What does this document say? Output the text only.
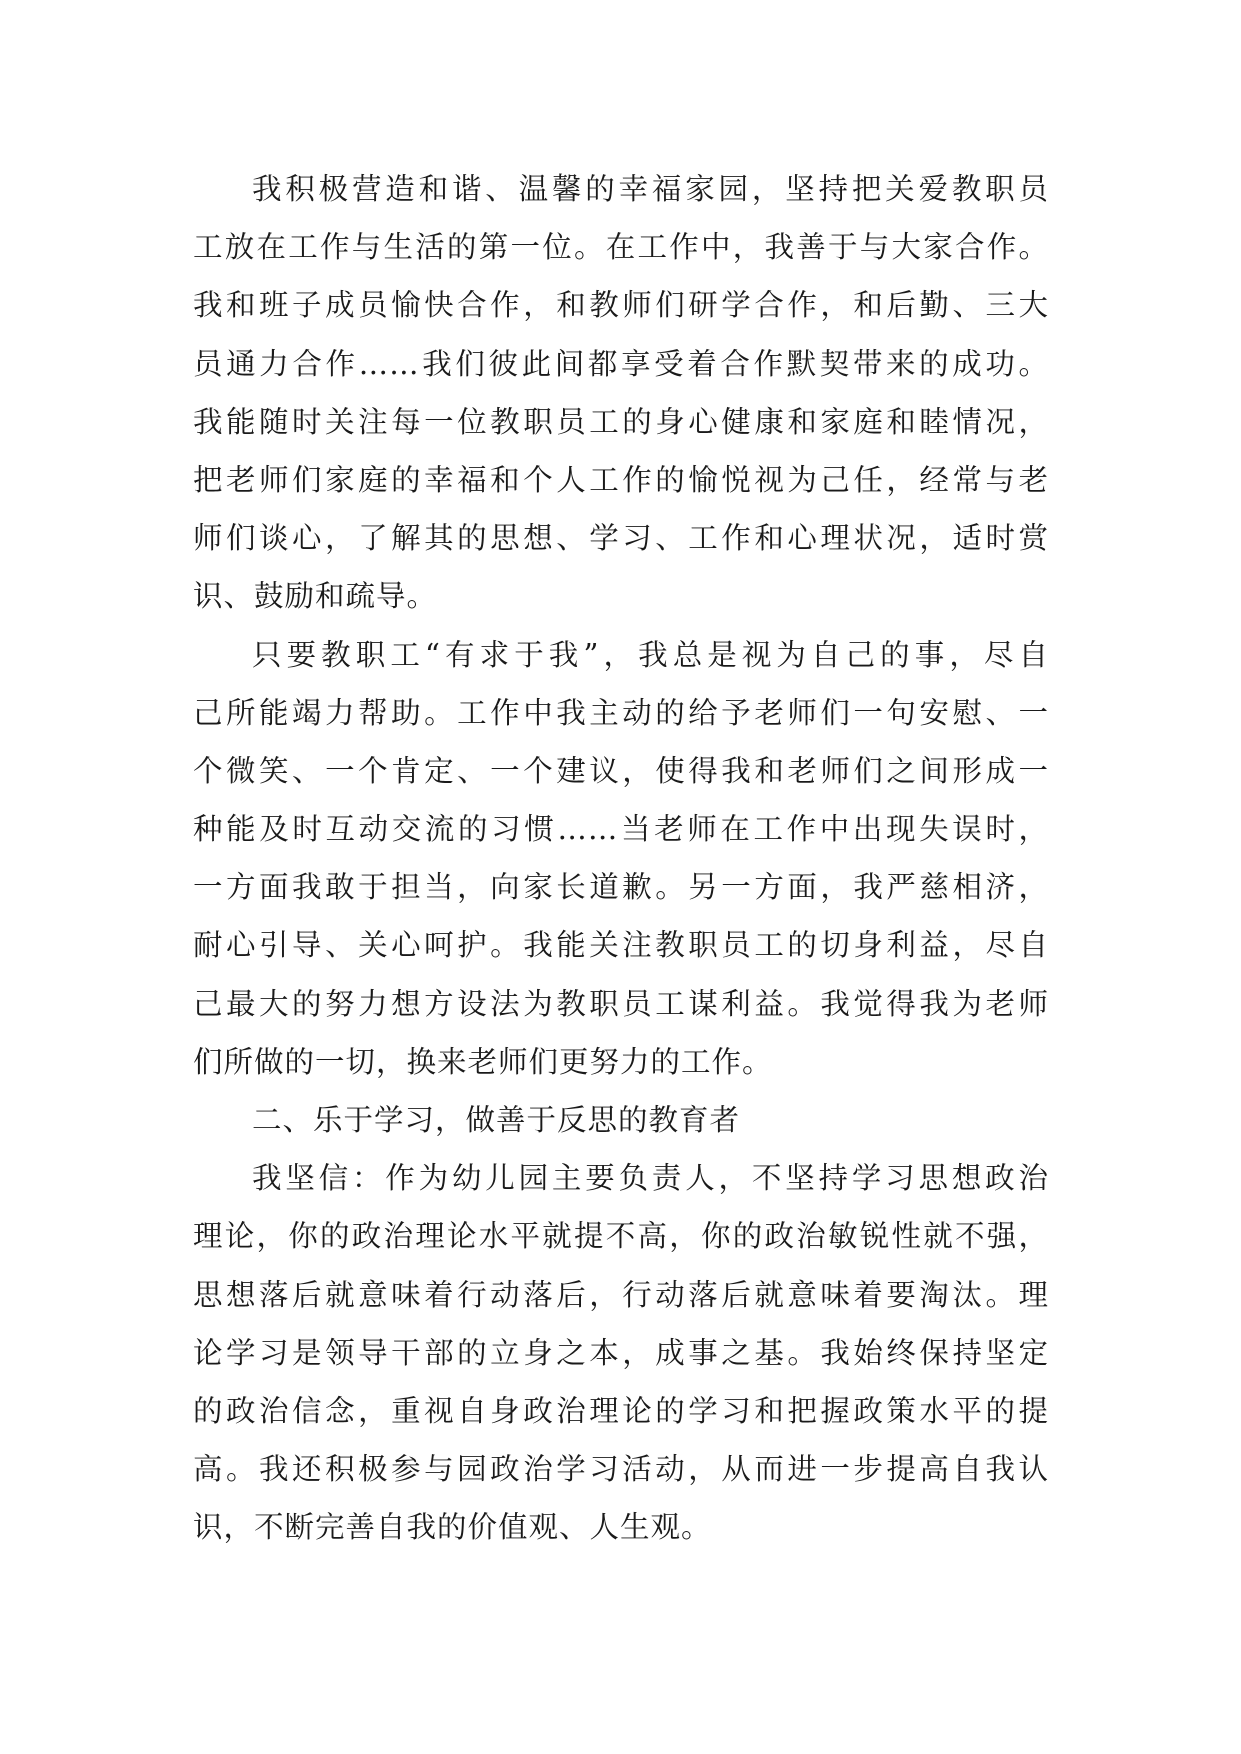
我积极营造和谐、温馨的幸福家园，坚持把关爱教职员
工放在工作与生活的第一位。在工作中，我善于与大家合作。
我和班子成员愉快合作，和教师们研学合作，和后勤、三大
员通力合作……我们彼此间都享受着合作默契带来的成功。
我能随时关注每一位教职员工的身心健康和家庭和睦情况，
把老师们家庭的幸福和个人工作的愉悦视为己任，经常与老
师们谈心，了解其的思想、学习、工作和心理状况，适时赏
识、鼓励和疏导。
只要教职工“有求于我”，我总是视为自己的事，尽自
己所能竭力帮助。工作中我主动的给予老师们一句安慰、一
个微笑、一个肯定、一个建议，使得我和老师们之间形成一
种能及时互动交流的习惯……当老师在工作中出现失误时，
一方面我敢于担当，向家长道歉。另一方面，我严慈相济，
耐心引导、关心呵护。我能关注教职员工的切身利益，尽自
己最大的努力想方设法为教职员工谋利益。我觉得我为老师
们所做的一切，换来老师们更努力的工作。
二、乐于学习，做善于反思的教育者
我坚信：作为幼儿园主要负责人，不坚持学习思想政治
理论，你的政治理论水平就提不高，你的政治敏锐性就不强，
思想落后就意味着行动落后，行动落后就意味着要淘汰。理
论学习是领导干部的立身之本，成事之基。我始终保持坚定
的政治信念，重视自身政治理论的学习和把握政策水平的提
高。我还积极参与园政治学习活动，从而进一步提高自我认
识，不断完善自我的价值观、人生观。
